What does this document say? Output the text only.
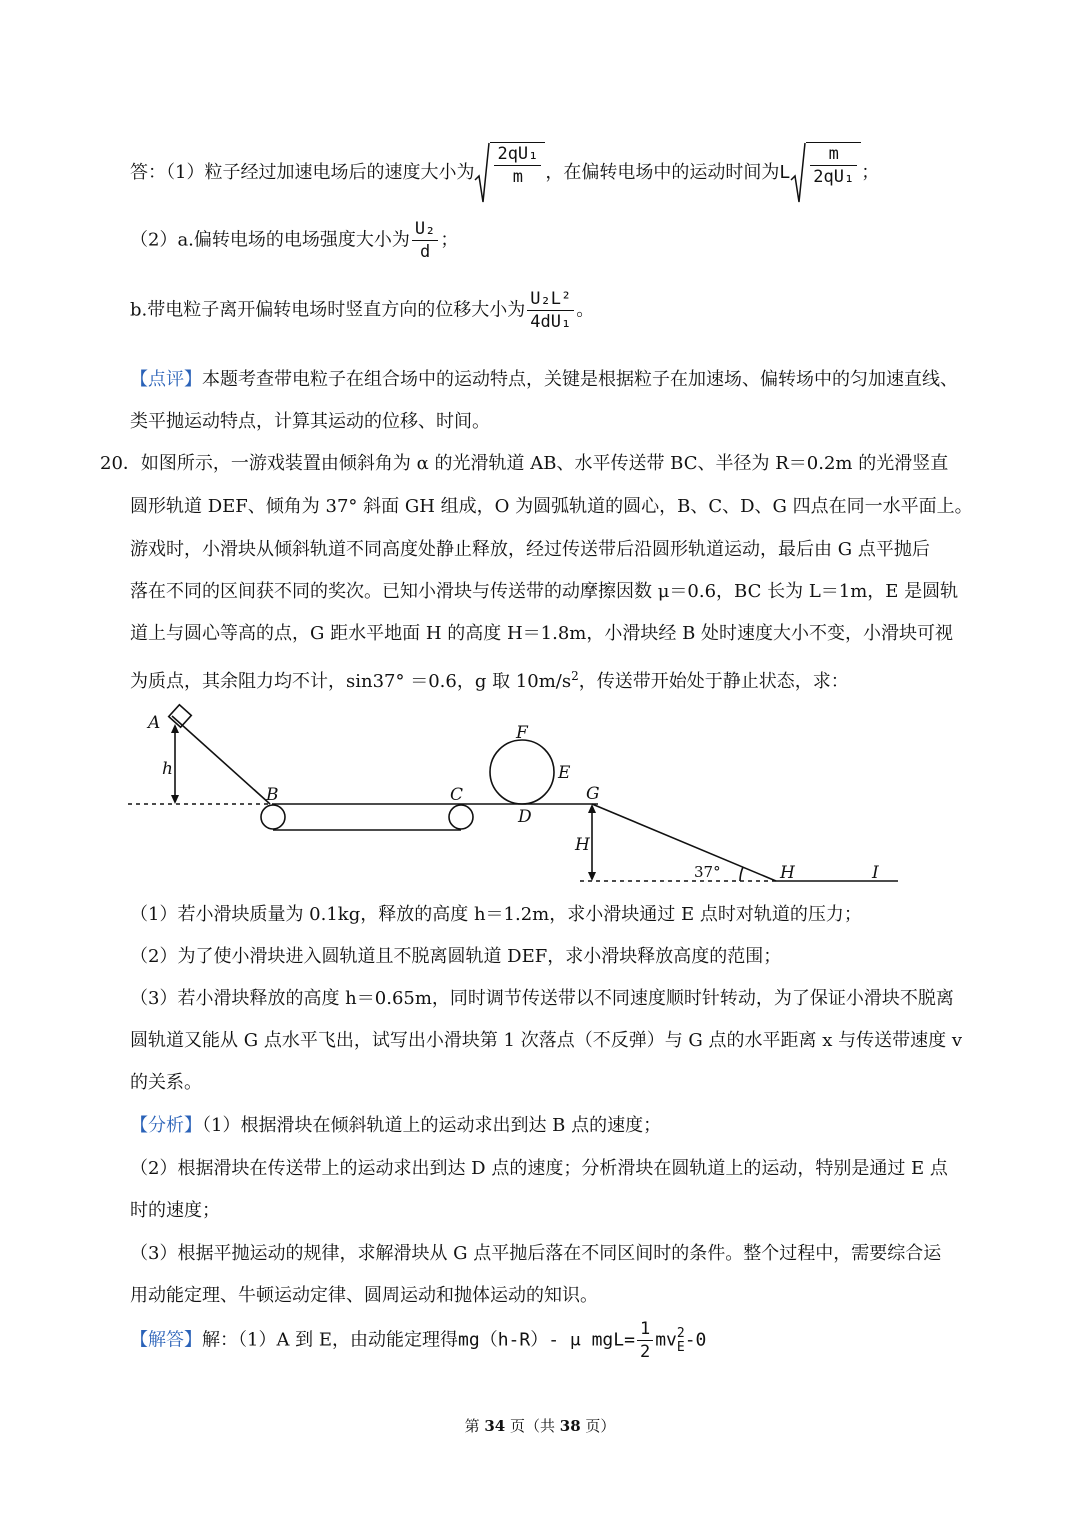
答：（1）粒子经过加速电场后的速度大小为 $\frac{\text{2qU₁}}{m}$ ，在偏转电场中的运动时间为L $\frac{m}{\text{2qU₁}}$ ；
（2）a.偏转电场的电场强度大小为 $\frac{\text{U₂}}{d}$ ；
b.带电粒子离开偏转电场时竖直方向的位移大小为 $\frac{\text{U₂L²}}{\text{4dU₁}}$ 。
【点评】本题考查带电粒子在组合场中的运动特点，关键是根据粒子在加速场、偏转场中的匀加速直线、
类平抛运动特点，计算其运动的位移、时间。
20．如图所示，一游戏装置由倾斜角为 α 的光滑轨道 AB、水平传送带 BC、半径为 R＝0.2m 的光滑竖直
圆形轨道 DEF、倾角为 37° 斜面 GH 组成，O 为圆弧轨道的圆心，B、C、D、G 四点在同一水平面上。
游戏时，小滑块从倾斜轨道不同高度处静止释放，经过传送带后沿圆形轨道运动，最后由 G 点平抛后
落在不同的区间获不同的奖次。已知小滑块与传送带的动摩擦因数 μ＝0.6，BC 长为 L＝1m，E 是圆轨
道上与圆心等高的点，G 距水平地面 H 的高度 H＝1.8m，小滑块经 B 处时速度大小不变，小滑块可视
为质点，其余阻力均不计，sin37° ＝0.6，g 取 $10m/s^2$，传送带开始处于静止状态，求：
A
h
B	C
F
E
D
G
H
37°	H	I
（1）若小滑块质量为 0.1kg，释放的高度 h＝1.2m，求小滑块通过 E 点时对轨道的压力；
（2）为了使小滑块进入圆轨道且不脱离圆轨道 DEF，求小滑块释放高度的范围；
（3）若小滑块释放的高度 h＝0.65m，同时调节传送带以不同速度顺时针转动，为了保证小滑块不脱离
圆轨道又能从 G 点水平飞出，试写出小滑块第 1 次落点（不反弹）与 G 点的水平距离 x 与传送带速度 v
的关系。
【分析】（1）根据滑块在倾斜轨道上的运动求出到达 B 点的速度；
（2）根据滑块在传送带上的运动求出到达 D 点的速度；分析滑块在圆轨道上的运动，特别是通过 E 点
时的速度；
（3）根据平抛运动的规律，求解滑块从 G 点平抛后落在不同区间时的条件。整个过程中，需要综合运
用动能定理、牛顿运动定律、圆周运动和抛体运动的知识。
【解答】解：（1）A 到 E，由动能定理得mg（h-R）- μ $mgL= \frac{1}{2}$ mv 2
E -0
第 34 页（共 38 页）
